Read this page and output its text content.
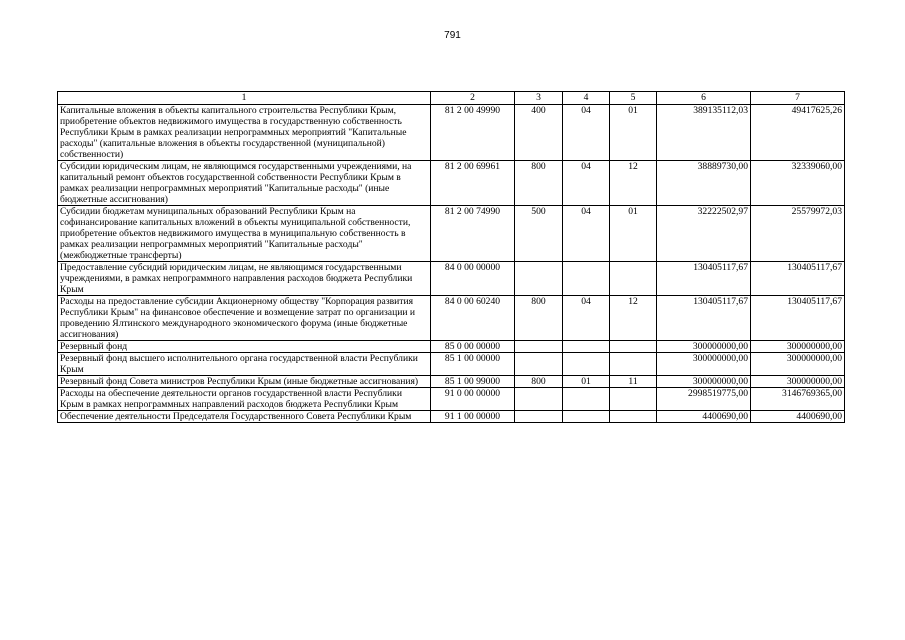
791
1	2	3	4	5	6	7
Капитальные вложения в объекты капитального строительства Республики Крым, приобретение объектов недвижимого имущества в государственную собственность Республики Крым в рамках реализации непрограммных мероприятий "Капитальные расходы" (капитальные вложения в объекты государственной (муниципальной) собственности)	81 2 00 49990	400	04	01	389135112,03	49417625,26
Субсидии юридическим лицам, не являющимся государственными учреждениями, на капитальный ремонт объектов государственной собственности Республики Крым в рамках реализации непрограммных мероприятий "Капитальные расходы" (иные бюджетные ассигнования)	81 2 00 69961	800	04	12	38889730,00	32339060,00
Субсидии бюджетам муниципальных образований Республики Крым на софинансирование капитальных вложений в объекты муниципальной собственности, приобретение объектов недвижимого имущества в муниципальную собственность в рамках реализации непрограммных мероприятий "Капитальные расходы" (межбюджетные трансферты)	81 2 00 74990	500	04	01	32222502,97	25579972,03
Предоставление субсидий юридическим лицам, не являющимся государственными учреждениями, в рамках непрограммного направления расходов бюджета Республики Крым	84 0 00 00000				130405117,67	130405117,67
Расходы на предоставление субсидии Акционерному обществу "Корпорация развития Республики Крым" на финансовое обеспечение и возмещение затрат по организации и проведению Ялтинского международного экономического форума (иные бюджетные ассигнования)	84 0 00 60240	800	04	12	130405117,67	130405117,67
Резервный фонд	85 0 00 00000				300000000,00	300000000,00
Резервный фонд высшего исполнительного органа государственной власти Республики Крым	85 1 00 00000				300000000,00	300000000,00
Резервный фонд Совета министров Республики Крым (иные бюджетные ассигнования)	85 1 00 99000	800	01	11	300000000,00	300000000,00
Расходы на обеспечение деятельности органов государственной власти Республики Крым в рамках непрограммных направлений расходов бюджета Республики Крым	91 0 00 00000				2998519775,00	3146769365,00
Обеспечение деятельности Председателя Государственного Совета Республики Крым	91 1 00 00000				4400690,00	4400690,00
